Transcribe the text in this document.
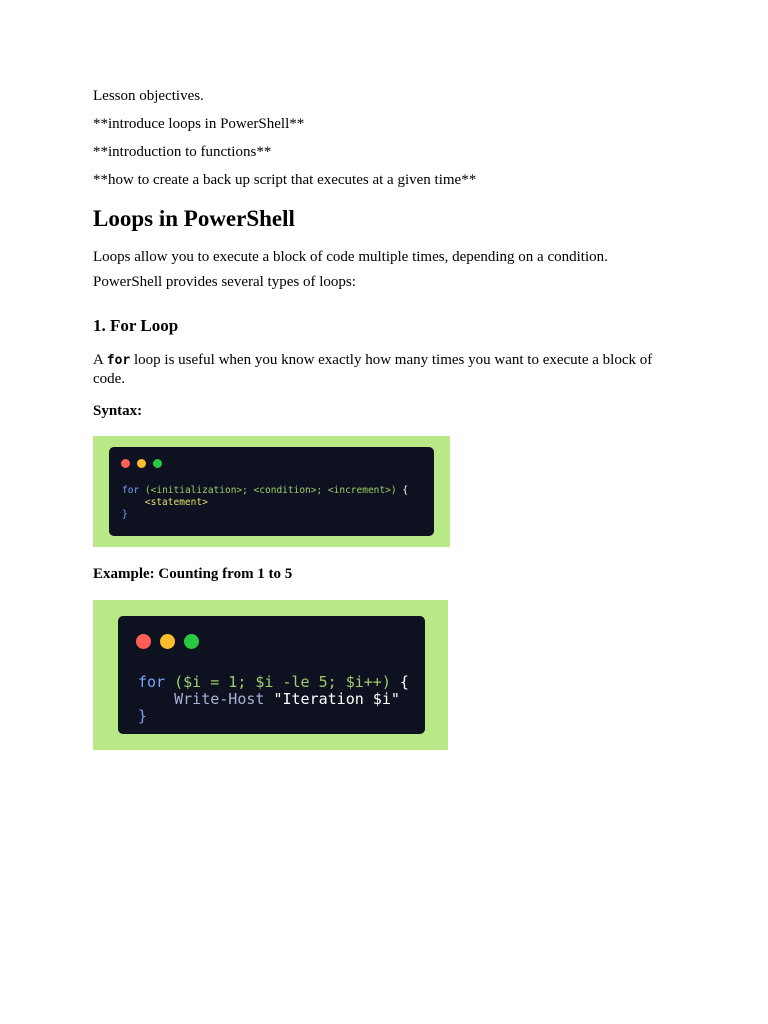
Lesson objectives.
**introduce loops in PowerShell**
**introduction to functions**
**how to create a back up script that executes at a given time**
Loops in PowerShell
Loops allow you to execute a block of code multiple times, depending on a condition.
PowerShell provides several types of loops:
1. For Loop
A for loop is useful when you know exactly how many times you want to execute a block of code.
Syntax:
Example: Counting from 1 to 5
for (<initialization>; <condition>; <increment>) {
<statement>
}
for ($i = 1; $i -le 5; $i++) {
Write-Host "Iteration $i"
}
